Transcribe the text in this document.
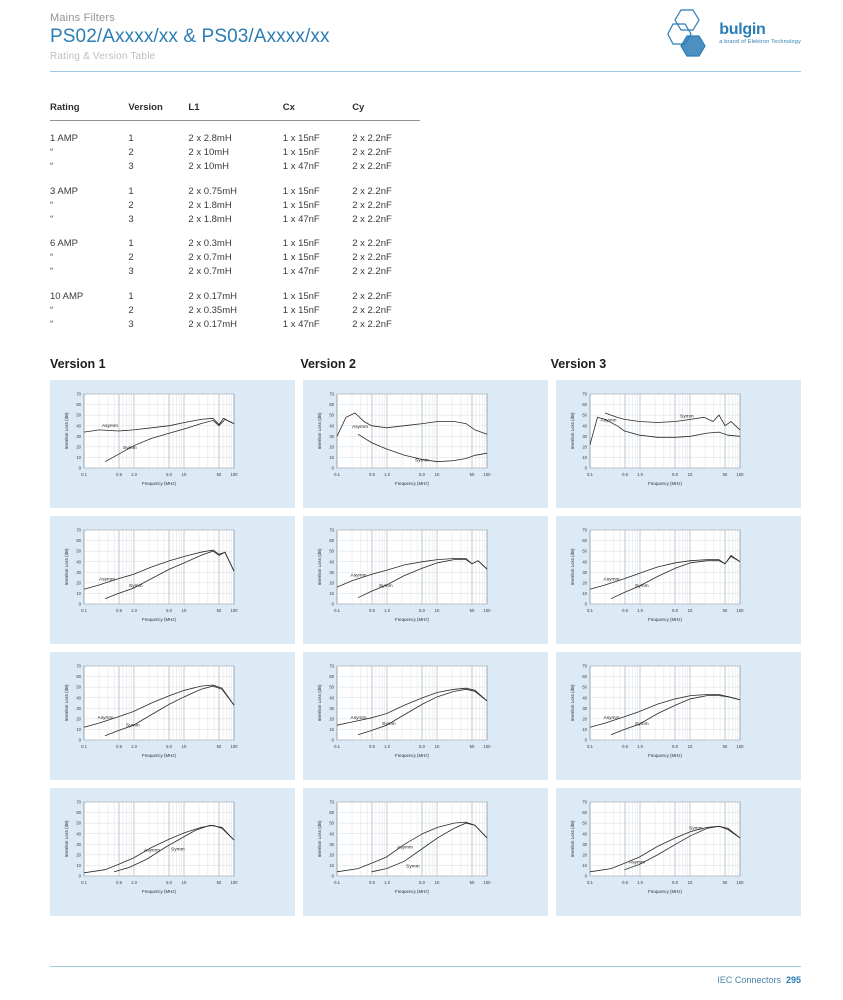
Mains Filters
PS02/Axxxx/xx & PS03/Axxxx/xx
Rating & Version Table
bulgin
a brand of Elektron Technology
Rating	Version	L1	Cx	Cy
1 AMP	1	2 x 2.8mH	1 x 15nF	2 x 2.2nF
“	2	2 x 10mH	1 x 15nF	2 x 2.2nF
“	3	2 x 10mH	1 x 47nF	2 x 2.2nF
3 AMP	1	2 x 0.75mH	1 x 15nF	2 x 2.2nF
“	2	2 x 1.8mH	1 x 15nF	2 x 2.2nF
“	3	2 x 1.8mH	1 x 47nF	2 x 2.2nF
6 AMP	1	2 x 0.3mH	1 x 15nF	2 x 2.2nF
“	2	2 x 0.7mH	1 x 15nF	2 x 2.2nF
“	3	2 x 0.7mH	1 x 47nF	2 x 2.2nF
10 AMP	1	2 x 0.17mH	1 x 15nF	2 x 2.2nF
“	2	2 x 0.35mH	1 x 15nF	2 x 2.2nF
“	3	2 x 0.17mH	1 x 47nF	2 x 2.2nF
Version 1	Version 2	Version 3
0.1	0.5 1.0	5.0 10	50 100
0
10
20
30
40
50
60
70
Asymm
Symm
Insertion Loss (dB)
Frequency (MHz)
0.1	0.5 1.0	5.0 10	50 100
0
10
20
30
40
50
60
70
Asymm
Symm
Insertion Loss (dB)
Frequency (MHz)
0.1	0.5 1.0	5.0 10	50 100
0
10
20
30
40
50
60
70
Asymm
Symm
Insertion Loss (dB)
Frequency (MHz)
0.1	0.5 1.0	5.0 10	50 100
0
10
20
30
40
50
60
70
Asymm Symm
Insertion Loss (dB)
Frequency (MHz)
0.1	0.5 1.0	5.0 10	50 100
0
10
20
30
40
50
60
70
Asymm
Symm
Insertion Loss (dB)
Frequency (MHz)
0.1	0.5 1.0	5.0 10	50 100
0
10
20
30
40
50
60
70
Asymm
Symm
Insertion Loss (dB)
Frequency (MHz)
0.1	0.5 1.0	5.0 10	50 100
0
10
20
30
40
50
60
70
Asymm
Symm
Insertion Loss (dB)
Frequency (MHz)
0.1	0.5 1.0	5.0 10	50 100
0
10
20
30
40
50
60
70
Asymm
Symm
Insertion Loss (dB)
Frequency (MHz)
0.1	0.5 1.0	5.0 10	50 100
0
10
20
30
40
50
60
70
Asymm
Symm
Insertion Loss (dB)
Frequency (MHz)
0.1	0.5 1.0	5.0 10	50 100
0
10
20
30
40
50
60
70
Asymm
Symm
Insertion Loss (dB)
Frequency (MHz)
0.1	0.5 1.0	5.0 10	50 100
0
10
20
30
40
50
60
70
Asymm
Symm
Insertion Loss (dB)
Frequency (MHz)
0.1	0.5 1.0	5.0 10	50 100
0
10
20
30
40
50
60
70
Asymm
Symm
Insertion Loss (dB)
Frequency (MHz)
IEC Connectors 295
